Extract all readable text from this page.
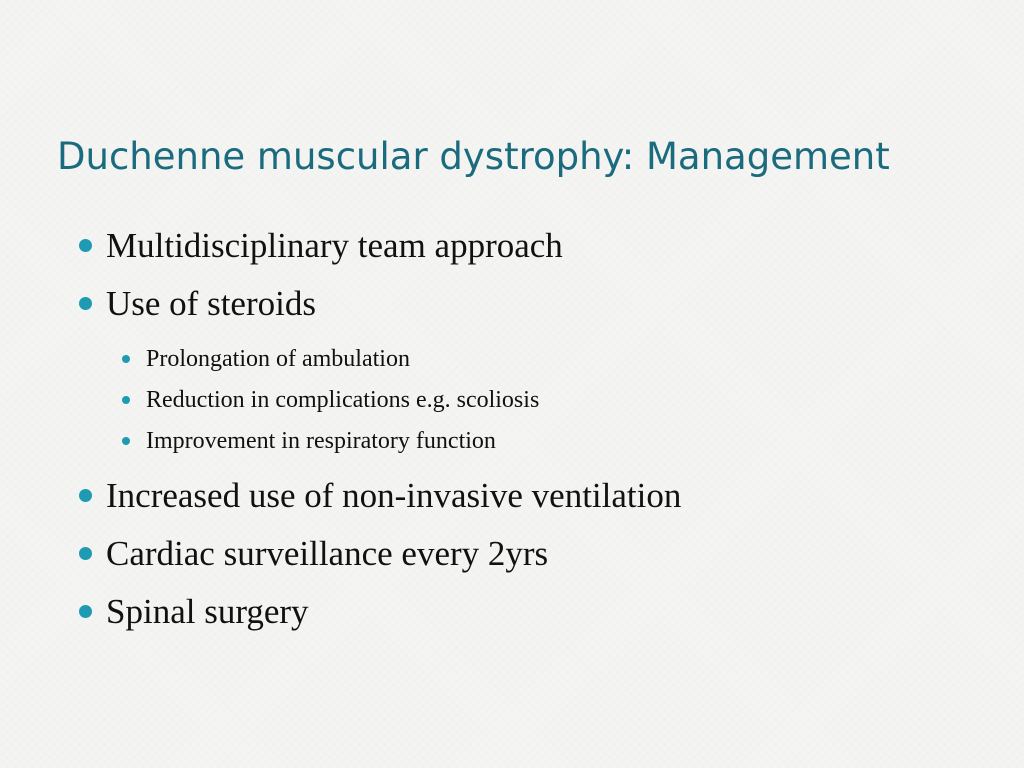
Duchenne muscular dystrophy: Management
Multidisciplinary team approach
Use of steroids
Prolongation of ambulation
Reduction in complications e.g. scoliosis
Improvement in respiratory function
Increased use of non-invasive ventilation
Cardiac surveillance every 2yrs
Spinal surgery
